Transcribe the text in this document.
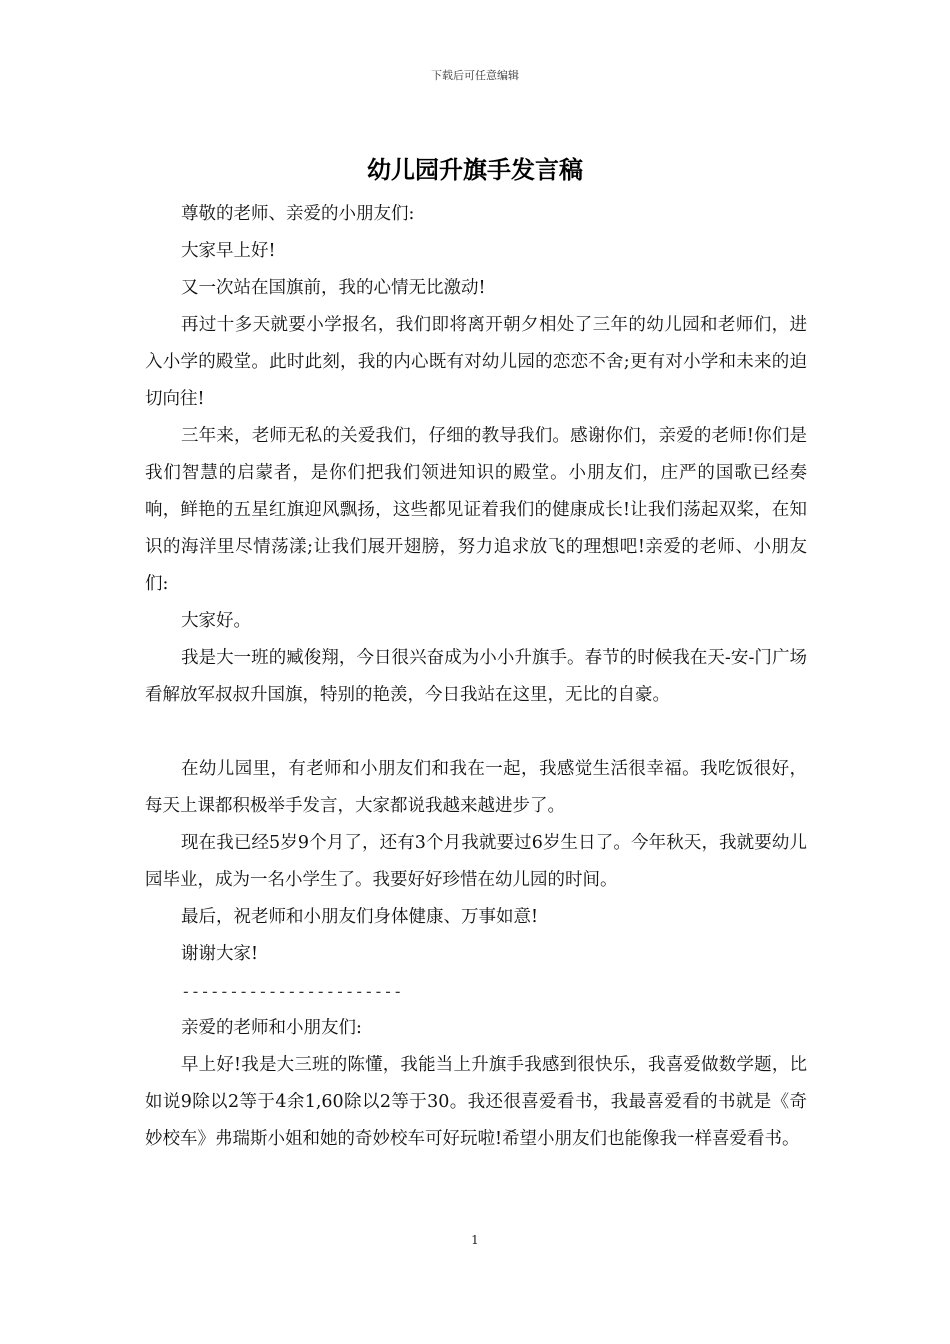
下载后可任意编辑
幼儿园升旗手发言稿

尊敬的老师、亲爱的小朋友们:

大家早上好!

又一次站在国旗前，我的心情无比激动!

再过十多天就要小学报名，我们即将离开朝夕相处了三年的幼儿园和老师们，进入小学的殿堂。此时此刻，我的内心既有对幼儿园的恋恋不舍;更有对小学和未来的迫切向往!

三年来，老师无私的关爱我们，仔细的教导我们。感谢你们，亲爱的老师!你们是我们智慧的启蒙者，是你们把我们领进知识的殿堂。小朋友们，庄严的国歌已经奏响，鲜艳的五星红旗迎风飘扬，这些都见证着我们的健康成长!让我们荡起双桨，在知识的海洋里尽情荡漾;让我们展开翅膀，努力追求放飞的理想吧!亲爱的老师、小朋友们:

大家好。

我是大一班的臧俊翔，今日很兴奋成为小小升旗手。春节的时候我在天-安-门广场看解放军叔叔升国旗，特别的艳羡，今日我站在这里，无比的自豪。

在幼儿园里，有老师和小朋友们和我在一起，我感觉生活很幸福。我吃饭很好，每天上课都积极举手发言，大家都说我越来越进步了。

现在我已经5岁9个月了，还有3个月我就要过6岁生日了。今年秋天，我就要幼儿园毕业，成为一名小学生了。我要好好珍惜在幼儿园的时间。

最后，祝老师和小朋友们身体健康、万事如意!

谢谢大家!

-----------------------

亲爱的老师和小朋友们:

早上好!我是大三班的陈懂，我能当上升旗手我感到很快乐，我喜爱做数学题，比如说9除以2等于4余1,60除以2等于30。我还很喜爱看书，我最喜爱看的书就是《奇妙校车》弗瑞斯小姐和她的奇妙校车可好玩啦!希望小朋友们也能像我一样喜爱看书。

1
